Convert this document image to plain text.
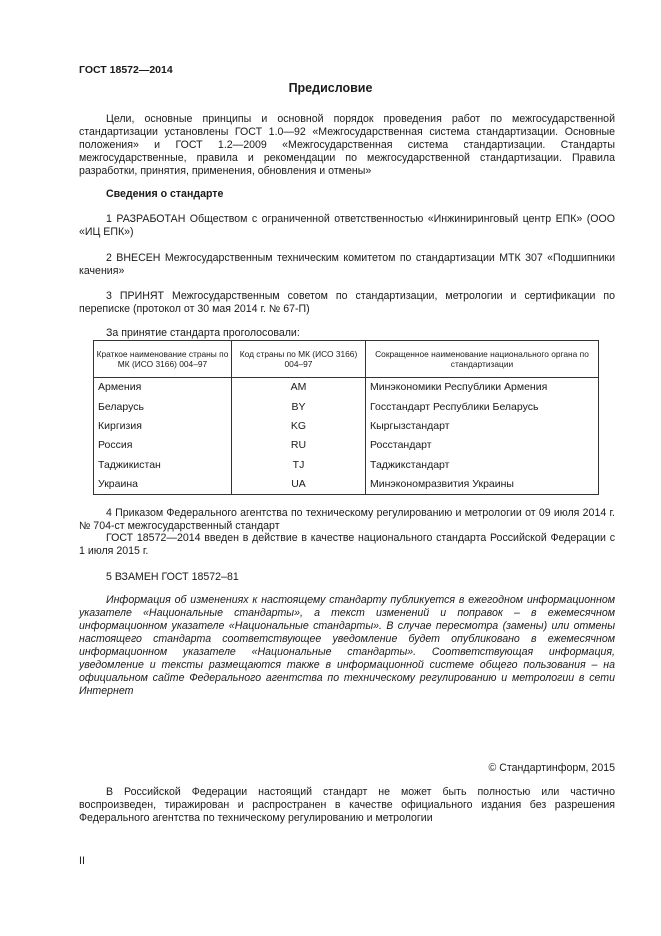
ГОСТ 18572—2014

Предисловие

Цели, основные принципы и основной порядок проведения работ по межгосударственной стандартизации установлены ГОСТ 1.0—92 «Межгосударственная система стандартизации. Основные положения» и ГОСТ 1.2—2009 «Межгосударственная система стандартизации. Стандарты межгосударственные, правила и рекомендации по межгосударственной стандартизации. Правила разработки, принятия, применения, обновления и отмены»

Сведения о стандарте

1 РАЗРАБОТАН Обществом с ограниченной ответственностью «Инжиниринговый центр ЕПК» (ООО «ИЦ ЕПК»)

2 ВНЕСЕН Межгосударственным техническим комитетом по стандартизации МТК 307 «Подшипники качения»

3 ПРИНЯТ Межгосударственным советом по стандартизации, метрологии и сертификации по переписке (протокол от 30 мая 2014 г. № 67-П)

За принятие стандарта проголосовали:

Краткое наименование страны по МК (ИСО 3166) 004–97	Код страны по МК (ИСО 3166) 004–97	Сокращенное наименование национального органа по стандартизации
Армения	AM	Минэкономики Республики Армения
Беларусь	BY	Госстандарт Республики Беларусь
Киргизия	KG	Кыргызстандарт
Россия	RU	Росстандарт
Таджикистан	TJ	Таджикстандарт
Украина	UA	Минэкономразвития Украины

4 Приказом Федерального агентства по техническому регулированию и метрологии от 09 июля 2014 г. № 704-ст межгосударственный стандарт

ГОСТ 18572—2014 введен в действие в качестве национального стандарта Российской Федерации с 1 июля 2015 г.

5 ВЗАМЕН ГОСТ 18572–81

Информация об изменениях к настоящему стандарту публикуется в ежегодном информационном указателе «Национальные стандарты», а текст изменений и поправок – в ежемесячном информационном указателе «Национальные стандарты». В случае пересмотра (замены) или отмены настоящего стандарта соответствующее уведомление будет опубликовано в ежемесячном информационном указателе «Национальные стандарты». Соответствующая информация, уведомление и тексты размещаются также в информационной системе общего пользования – на официальном сайте Федерального агентства по техническому регулированию и метрологии в сети Интернет

© Стандартинформ, 2015

В Российской Федерации настоящий стандарт не может быть полностью или частично воспроизведен, тиражирован и распространен в качестве официального издания без разрешения Федерального агентства по техническому регулированию и метрологии

II
